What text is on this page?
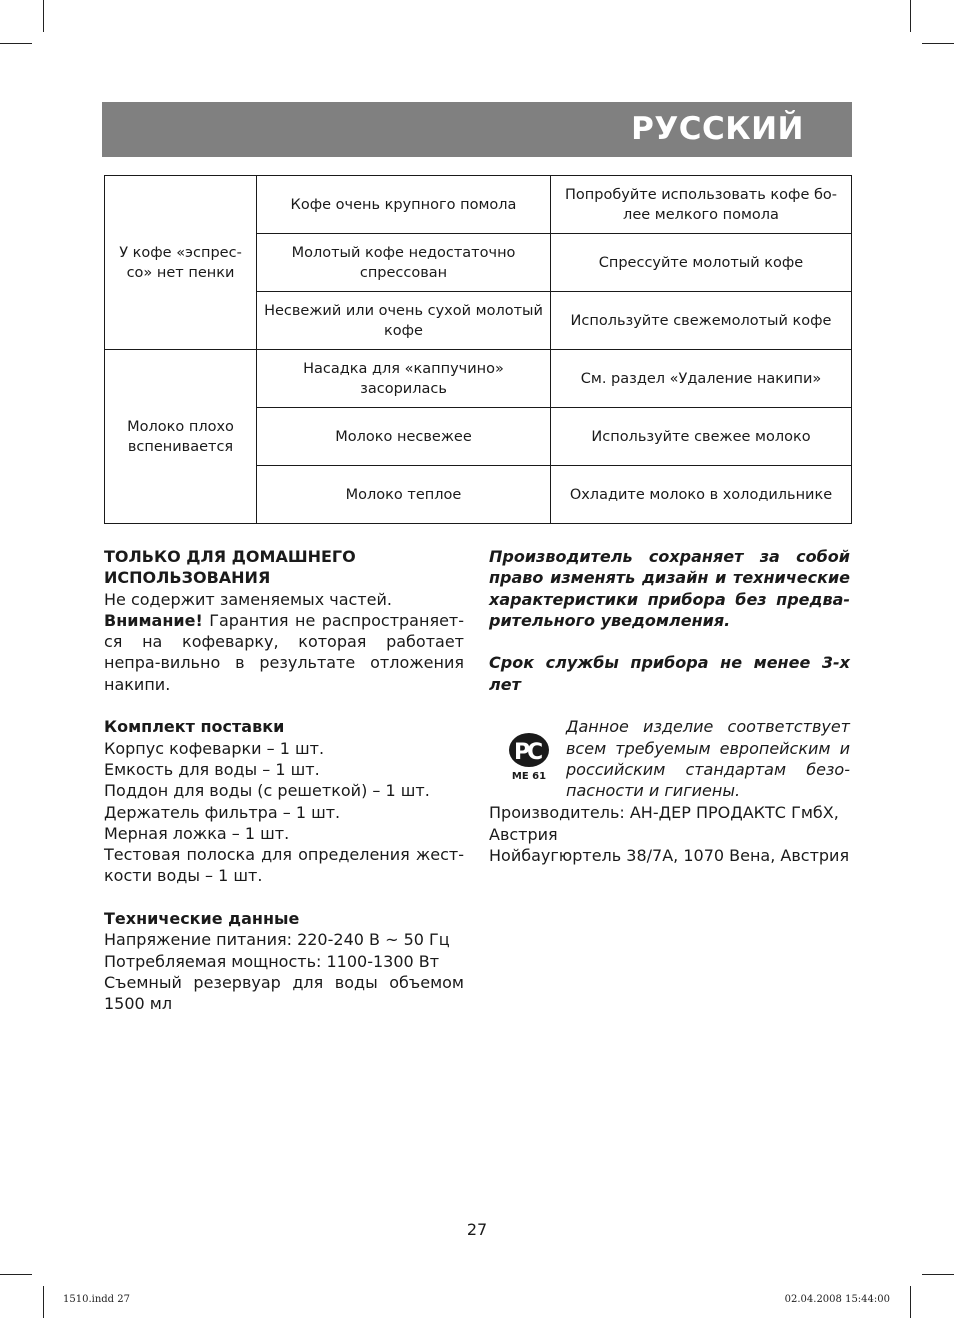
РУССКИЙ
У кофе «эспрес-со» нет пенки	Кофе очень крупного помола	Попробуйте использовать кофе бо-лее мелкого помола
	Молотый кофе недостаточно спрессован	Спрессуйте молотый кофе
	Несвежий или очень сухой молотый кофе	Используйте свежемолотый кофе
Молоко плохо вспенивается	Насадка для «каппучино» засорилась	См. раздел «Удаление накипи»
	Молоко несвежее	Используйте свежее молоко
	Молоко теплое	Охладите молоко в холодильнике

ТОЛЬКО ДЛЯ ДОМАШНЕГО ИСПОЛЬЗОВАНИЯ

Не содержит заменяемых частей.

Внимание! Гарантия не распространяет-ся на кофеварку, которая работает непра-вильно в результате отложения накипи.

Комплект поставки

Корпус кофеварки – 1 шт.

Емкость для воды – 1 шт.

Поддон для воды (с решеткой) – 1 шт.

Держатель фильтра – 1 шт.

Мерная ложка – 1 шт.

Тестовая полоска для определения жест-кости воды – 1 шт.

Технические данные

Напряжение питания: 220-240 В ~ 50 Гц

Потребляемая мощность: 1100-1300 Вт

Съемный резервуар для воды объемом 1500 мл

Производитель сохраняет за собой право изменять дизайн и технические характеристики прибора без предва-рительного уведомления.

Срок службы прибора не менее 3-х лет

P
C
МЕ 61

Данное изделие соответствует всем требуемым европейским и российским стандартам безо-пасности и гигиены.

Производитель: АН-ДЕР ПРОДАКТС ГмбХ, Австрия

Нойбаугюртель 38/7А, 1070 Вена, Австрия

27
1510.indd 27	02.04.2008 15:44:00
